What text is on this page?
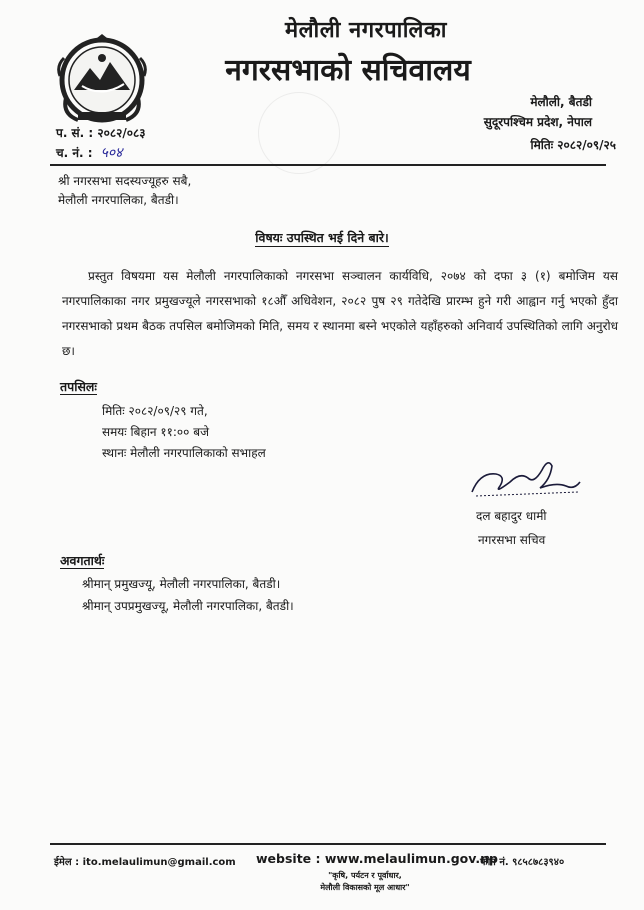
मेलौली नगरपालिका
नगरसभाको सचिवालय
मेलौली, बैतडी
सुदूरपश्चिम प्रदेश, नेपाल
मितिः २०८२/०९/२५
प. सं. : २०८२/०८३
च. नं. : ५०४
श्री नगरसभा सदस्यज्यूहरु सबै,
मेलौली नगरपालिका, बैतडी।
विषयः उपस्थित भई दिने बारे।
प्रस्तुत विषयमा यस मेलौली नगरपालिकाको नगरसभा सञ्चालन कार्यविधि, २०७४ को दफा ३ (१) बमोजिम यस नगरपालिकाका नगर प्रमुखज्यूले नगरसभाको १८औँ अधिवेशन, २०८२ पुष २९ गतेदेखि प्रारम्भ हुने गरी आह्वान गर्नु भएको हुँदा नगरसभाको प्रथम बैठक तपसिल बमोजिमको मिति, समय र स्थानमा बस्ने भएकोले यहाँहरुको अनिवार्य उपस्थितिको लागि अनुरोध छ।
तपसिलः
मितिः २०८२/०९/२९ गते,
समयः बिहान ११:०० बजे
स्थानः मेलौली नगरपालिकाको सभाहल
दल बहादुर धामी
नगरसभा सचिव
अवगतार्थः
श्रीमान् प्रमुखज्यू, मेलौली नगरपालिका, बैतडी।
श्रीमान् उपप्रमुखज्यू, मेलौली नगरपालिका, बैतडी।
ईमेल : ito.melaulimun@gmail.com website : www.melaulimun.gov.np
फोन नं. ९८५८७८३९४०
"कृषि, पर्यटन र पूर्वाधार,
मेलौली विकासको मूल आधार"
